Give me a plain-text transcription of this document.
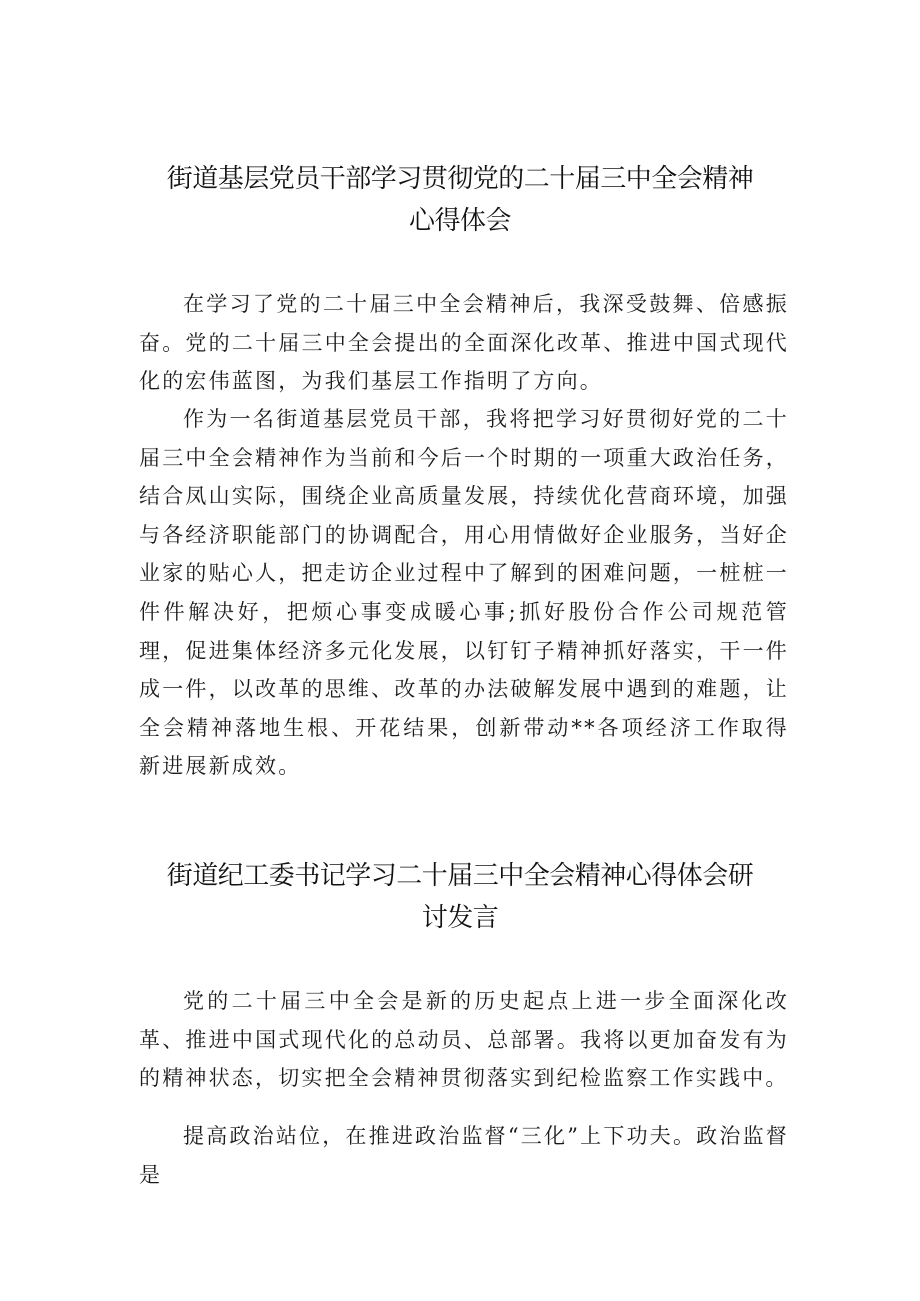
街道基层党员干部学习贯彻党的二十届三中全会精神
心得体会

在学习了党的二十届三中全会精神后，我深受鼓舞、倍感振奋。党的二十届三中全会提出的全面深化改革、推进中国式现代化的宏伟蓝图，为我们基层工作指明了方向。

作为一名街道基层党员干部，我将把学习好贯彻好党的二十届三中全会精神作为当前和今后一个时期的一项重大政治任务，结合凤山实际，围绕企业高质量发展，持续优化营商环境，加强与各经济职能部门的协调配合，用心用情做好企业服务，当好企业家的贴心人，把走访企业过程中了解到的困难问题，一桩桩一件件解决好，把烦心事变成暖心事;抓好股份合作公司规范管理，促进集体经济多元化发展，以钉钉子精神抓好落实，干一件成一件，以改革的思维、改革的办法破解发展中遇到的难题，让全会精神落地生根、开花结果，创新带动**各项经济工作取得新进展新成效。

街道纪工委书记学习二十届三中全会精神心得体会研
讨发言

党的二十届三中全会是新的历史起点上进一步全面深化改革、推进中国式现代化的总动员、总部署。我将以更加奋发有为的精神状态，切实把全会精神贯彻落实到纪检监察工作实践中。

提高政治站位，在推进政治监督“三化”上下功夫。政治监督是
